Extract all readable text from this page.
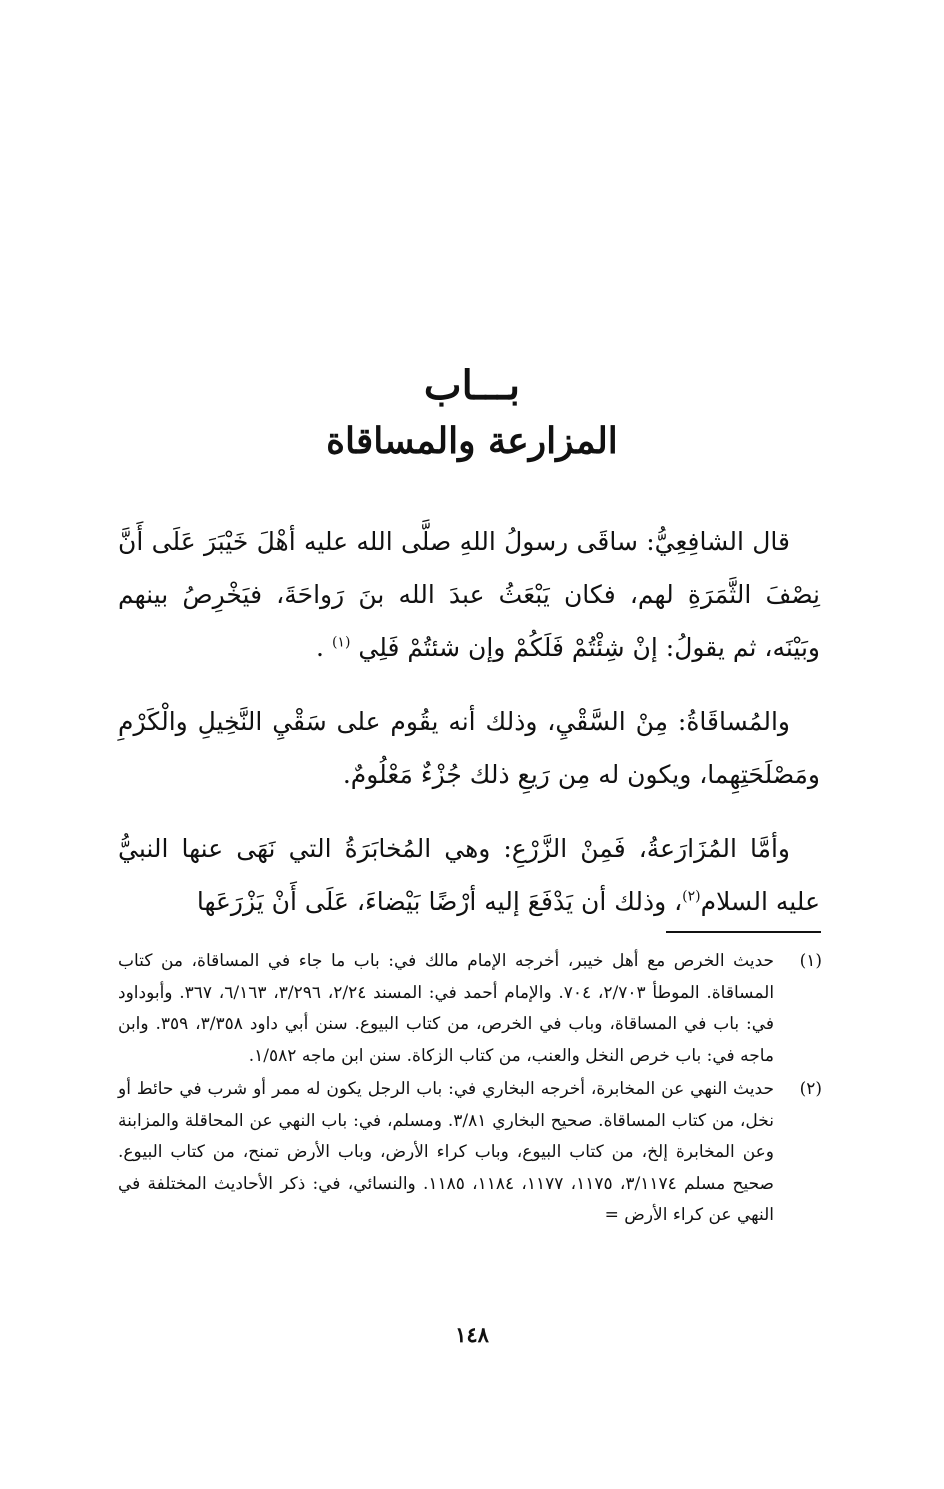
بـــاب
المزارعة والمساقاة

قال الشافِعِيُّ: ساقَى رسولُ اللهِ صلَّى الله عليه أهْلَ خَيْبَرَ عَلَى أَنَّ نِصْفَ الثَّمَرَةِ لهم، فكان يَبْعَثُ عبدَ الله بنَ رَواحَةَ، فيَخْرِصُ بينهم وبَيْنَه، ثم يقولُ: إنْ شِئْتُمْ فَلَكُمْ وإن شئتُمْ فَلِي $^{(١)}$ .

والمُساقَاةُ: مِنْ السَّقْيِ، وذلك أنه يقُوم على سَقْيِ النَّخِيلِ والْكَرْمِ ومَصْلَحَتِهِما، ويكون له مِن رَيعِ ذلك جُزْءٌ مَعْلُومٌ.

وأمَّا المُزَارَعةُ، فَمِنْ الزَّرْعِ: وهي المُخابَرَةُ التي نَهَى عنها النبيُّ عليه السلام$^{(٢)}$، وذلك أن يَدْفَعَ إليه أرْضًا بَيْضاءَ، عَلَى أَنْ يَزْرَعَها

(١)
حديث الخرص مع أهل خيبر، أخرجه الإمام مالك في: باب ما جاء في المساقاة، من كتاب المساقاة. الموطأ ٢/٧٠٣، ٧٠٤. والإمام أحمد في: المسند ٢/٢٤، ٣/٢٩٦، ٦/١٦٣، ٣٦٧. وأبوداود في: باب في المساقاة، وباب في الخرص، من كتاب البيوع. سنن أبي داود ٣/٣٥٨، ٣٥٩. وابن ماجه في: باب خرص النخل والعنب، من كتاب الزكاة. سنن ابن ماجه ١/٥٨٢.
(٢)
حديث النهي عن المخابرة، أخرجه البخاري في: باب الرجل يكون له ممر أو شرب في حائط أو نخل، من كتاب المساقاة. صحيح البخاري ٣/٨١. ومسلم، في: باب النهي عن المحاقلة والمزابنة وعن المخابرة إلخ، من كتاب البيوع، وباب كراء الأرض، وباب الأرض تمنح، من كتاب البيوع. صحيح مسلم ٣/١١٧٤، ١١٧٥، ١١٧٧، ١١٨٤، ١١٨٥. والنسائي، في: ذكر الأحاديث المختلفة في النهي عن كراء الأرض =
١٤٨
